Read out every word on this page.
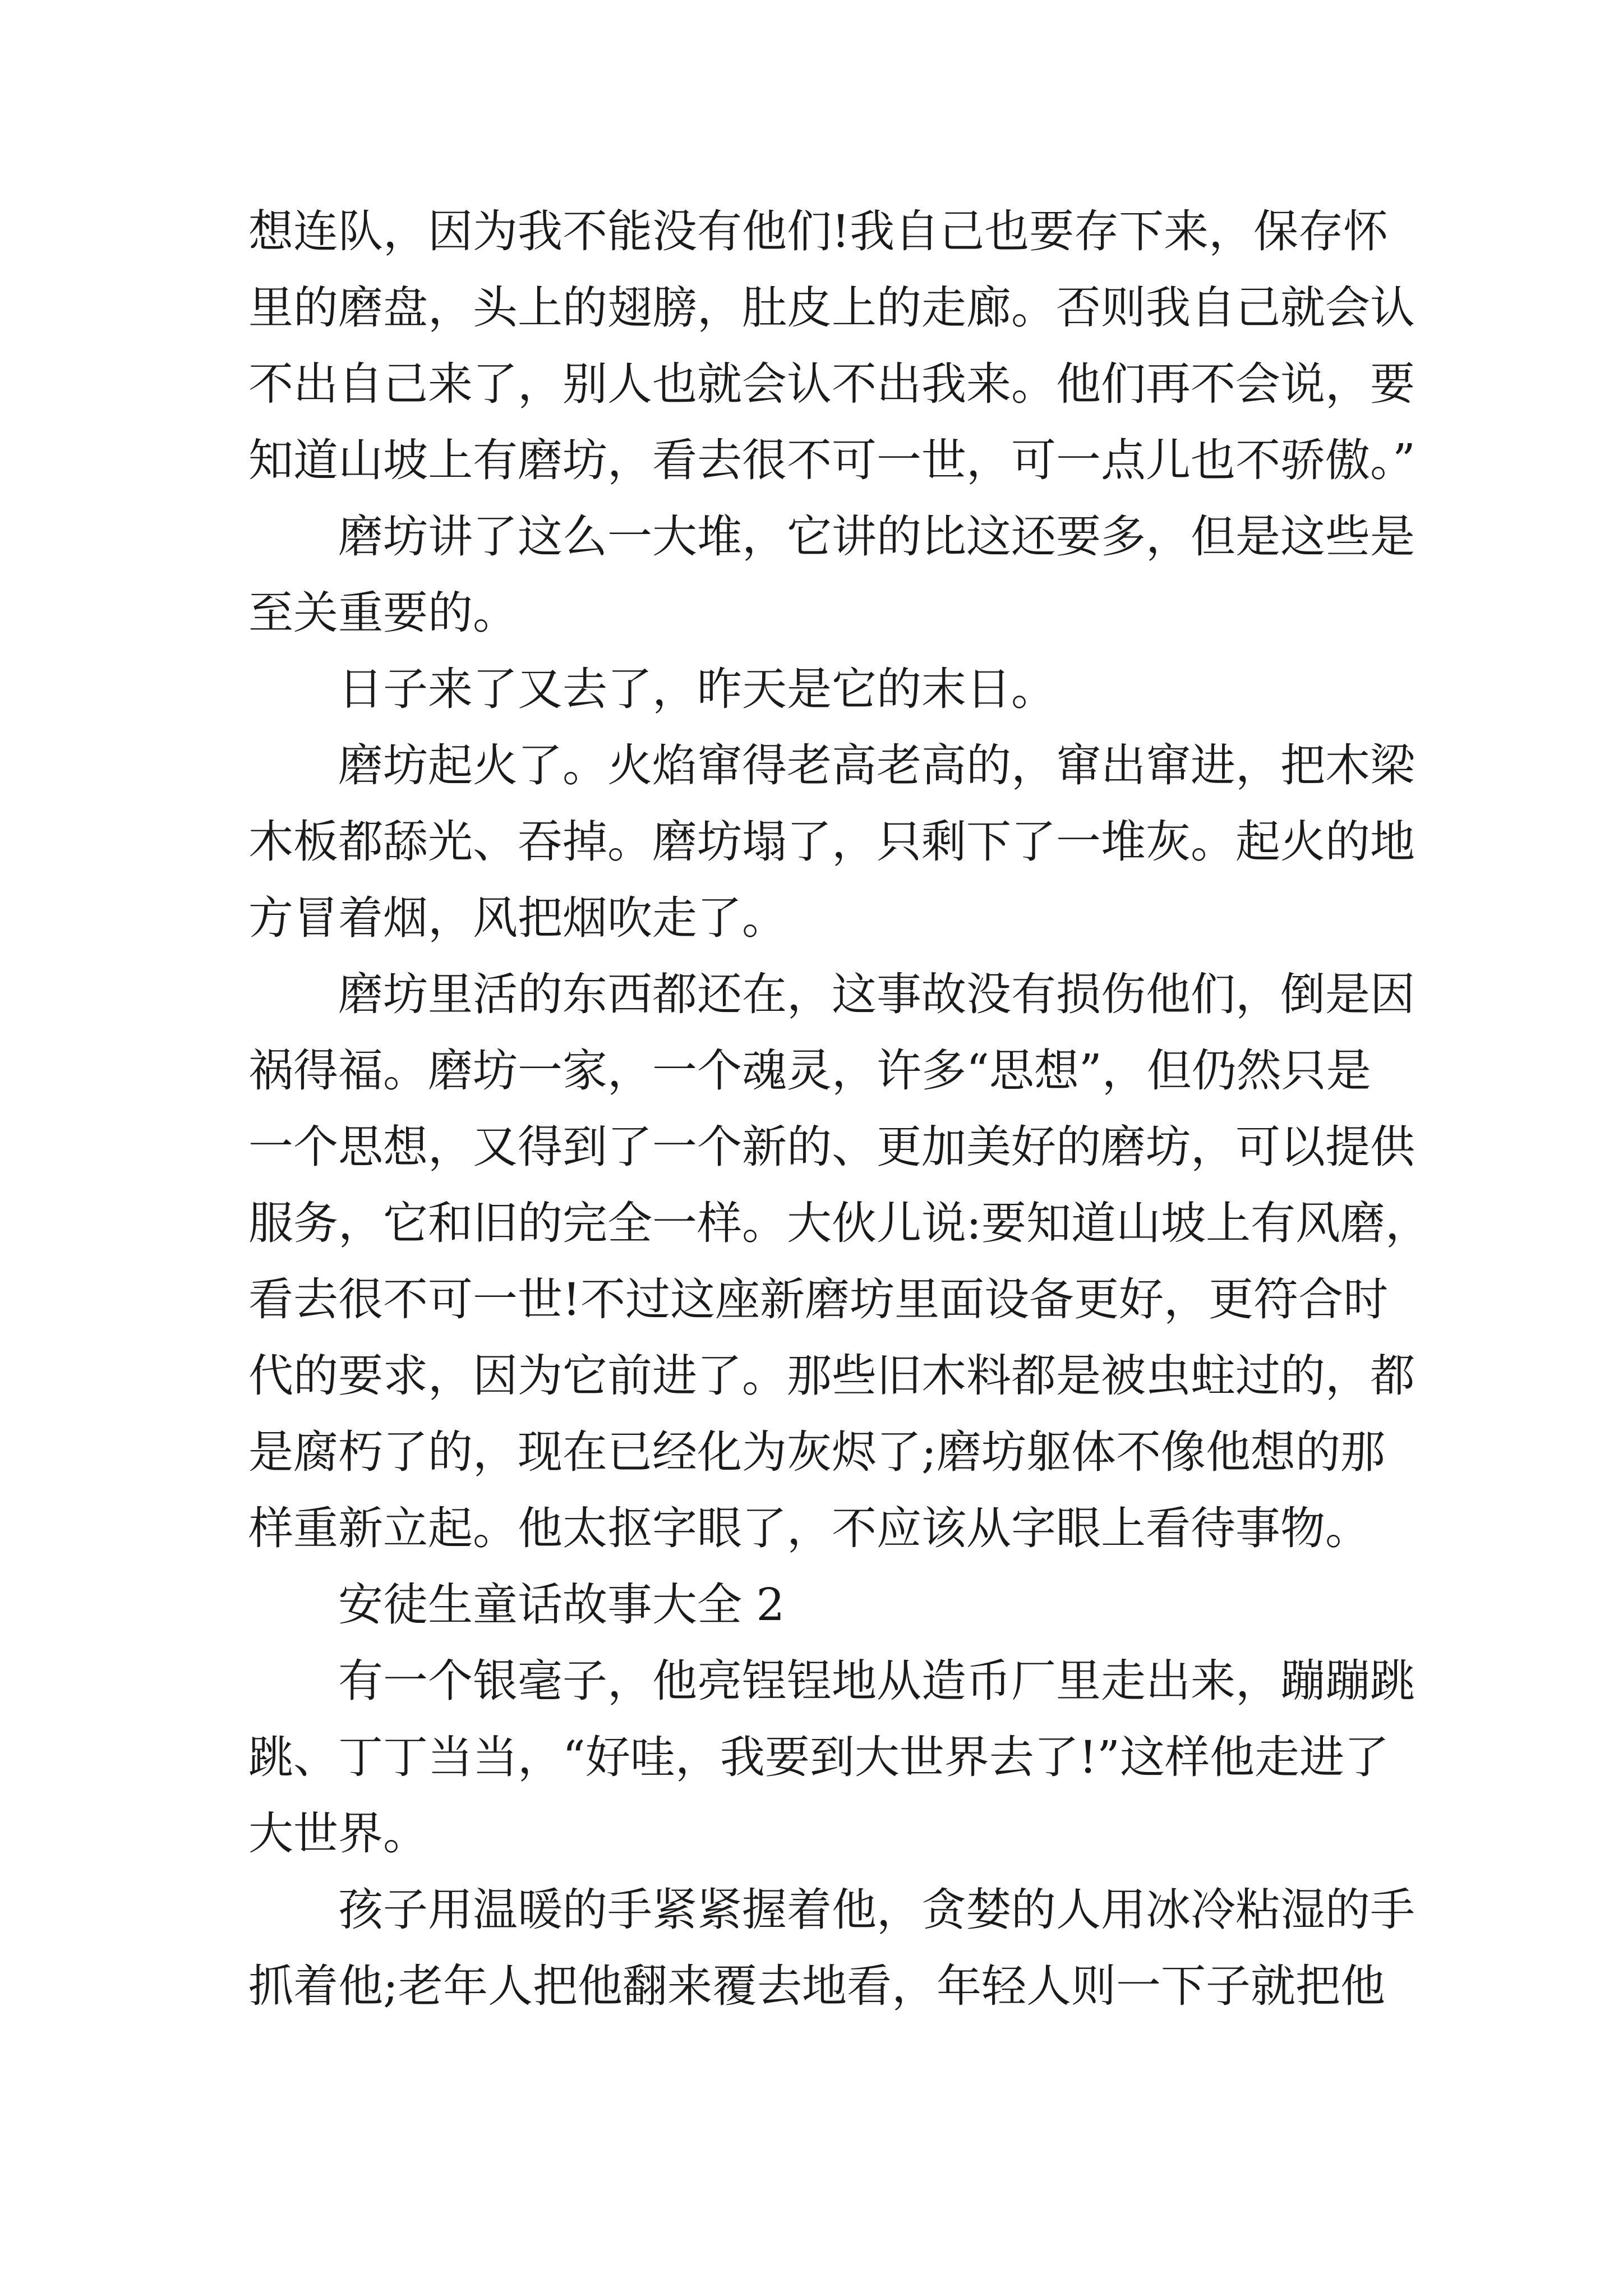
想连队，因为我不能没有他们!我自己也要存下来，保存怀
里的磨盘，头上的翅膀，肚皮上的走廊。否则我自己就会认
不出自己来了，别人也就会认不出我来。他们再不会说，要
知道山坡上有磨坊，看去很不可一世，可一点儿也不骄傲。”
磨坊讲了这么一大堆，它讲的比这还要多，但是这些是
至关重要的。
日子来了又去了，昨天是它的末日。
磨坊起火了。火焰窜得老高老高的，窜出窜进，把木梁
木板都舔光、吞掉。磨坊塌了，只剩下了一堆灰。起火的地
方冒着烟，风把烟吹走了。
磨坊里活的东西都还在，这事故没有损伤他们，倒是因
祸得福。磨坊一家，一个魂灵，许多“思想”，但仍然只是
一个思想，又得到了一个新的、更加美好的磨坊，可以提供
服务，它和旧的完全一样。大伙儿说:要知道山坡上有风磨，
看去很不可一世!不过这座新磨坊里面设备更好，更符合时
代的要求，因为它前进了。那些旧木料都是被虫蛀过的，都
是腐朽了的，现在已经化为灰烬了;磨坊躯体不像他想的那
样重新立起。他太抠字眼了，不应该从字眼上看待事物。
安徒生童话故事大全 2
有一个银毫子，他亮锃锃地从造币厂里走出来，蹦蹦跳
跳、丁丁当当，“好哇，我要到大世界去了!”这样他走进了
大世界。
孩子用温暖的手紧紧握着他，贪婪的人用冰冷粘湿的手
抓着他;老年人把他翻来覆去地看，年轻人则一下子就把他
